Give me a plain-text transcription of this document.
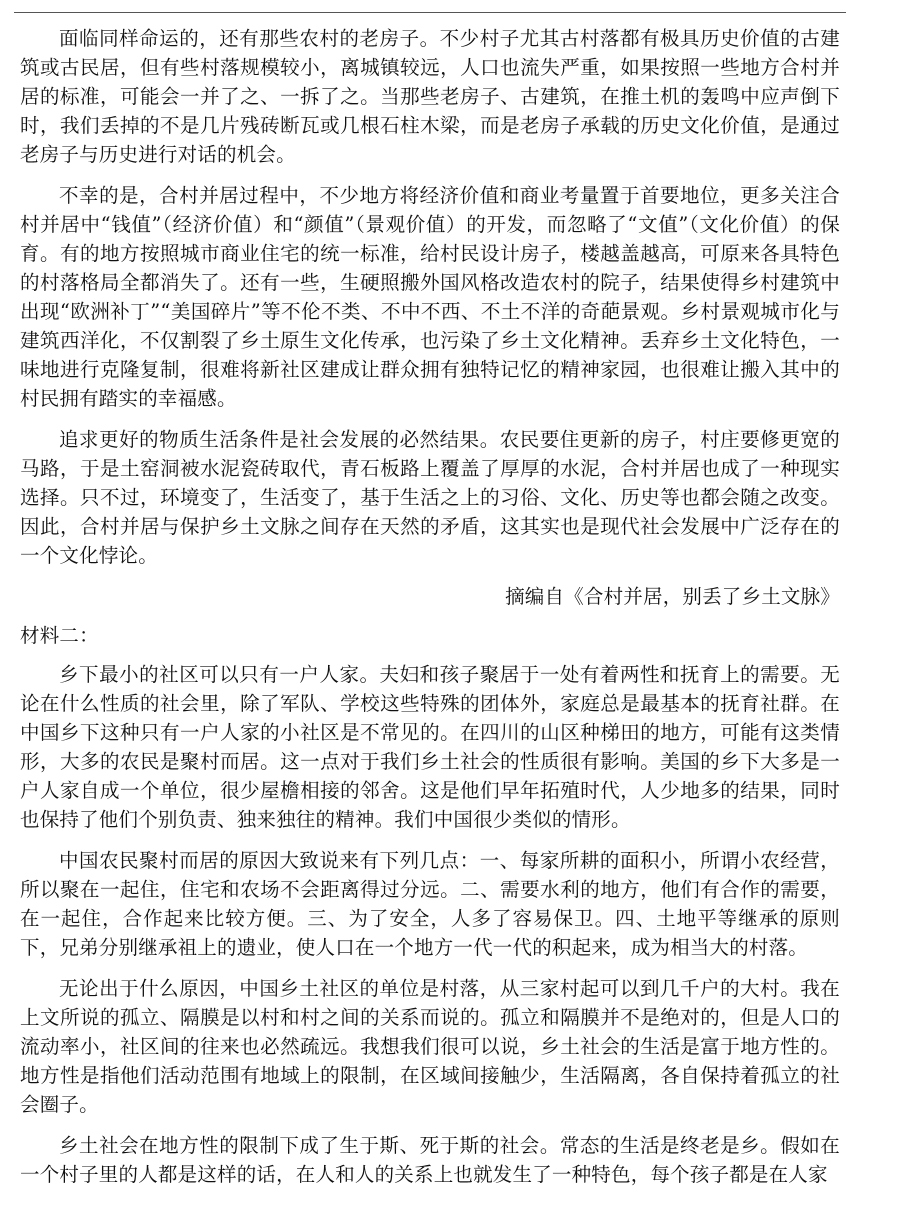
面临同样命运的，还有那些农村的老房子。不少村子尤其古村落都有极具历史价值的古建筑或古民居，但有些村落规模较小，离城镇较远，人口也流失严重，如果按照一些地方合村并居的标准，可能会一并了之、一拆了之。当那些老房子、古建筑，在推土机的轰鸣中应声倒下时，我们丢掉的不是几片残砖断瓦或几根石柱木梁，而是老房子承载的历史文化价值，是通过老房子与历史进行对话的机会。

不幸的是，合村并居过程中，不少地方将经济价值和商业考量置于首要地位，更多关注合村并居中“钱值”（经济价值）和“颜值”（景观价值）的开发，而忽略了“文值”（文化价值）的保育。有的地方按照城市商业住宅的统一标准，给村民设计房子，楼越盖越高，可原来各具特色的村落格局全都消失了。还有一些，生硬照搬外国风格改造农村的院子，结果使得乡村建筑中出现“欧洲补丁”“美国碎片”等不伦不类、不中不西、不土不洋的奇葩景观。乡村景观城市化与建筑西洋化，不仅割裂了乡土原生文化传承，也污染了乡土文化精神。丢弃乡土文化特色，一味地进行克隆复制，很难将新社区建成让群众拥有独特记忆的精神家园，也很难让搬入其中的村民拥有踏实的幸福感。

追求更好的物质生活条件是社会发展的必然结果。农民要住更新的房子，村庄要修更宽的马路，于是土窑洞被水泥瓷砖取代，青石板路上覆盖了厚厚的水泥，合村并居也成了一种现实选择。只不过，环境变了，生活变了，基于生活之上的习俗、文化、历史等也都会随之改变。因此，合村并居与保护乡土文脉之间存在天然的矛盾，这其实也是现代社会发展中广泛存在的一个文化悖论。

摘编自《合村并居，别丢了乡土文脉》

材料二：

乡下最小的社区可以只有一户人家。夫妇和孩子聚居于一处有着两性和抚育上的需要。无论在什么性质的社会里，除了军队、学校这些特殊的团体外，家庭总是最基本的抚育社群。在中国乡下这种只有一户人家的小社区是不常见的。在四川的山区种梯田的地方，可能有这类情形，大多的农民是聚村而居。这一点对于我们乡土社会的性质很有影响。美国的乡下大多是一户人家自成一个单位，很少屋檐相接的邻舍。这是他们早年拓殖时代，人少地多的结果，同时也保持了他们个别负责、独来独往的精神。我们中国很少类似的情形。

中国农民聚村而居的原因大致说来有下列几点：一、每家所耕的面积小，所谓小农经营，所以聚在一起住，住宅和农场不会距离得过分远。二、需要水利的地方，他们有合作的需要，在一起住，合作起来比较方便。三、为了安全，人多了容易保卫。四、土地平等继承的原则下，兄弟分别继承祖上的遗业，使人口在一个地方一代一代的积起来，成为相当大的村落。

无论出于什么原因，中国乡土社区的单位是村落，从三家村起可以到几千户的大村。我在上文所说的孤立、隔膜是以村和村之间的关系而说的。孤立和隔膜并不是绝对的，但是人口的流动率小，社区间的往来也必然疏远。我想我们很可以说，乡土社会的生活是富于地方性的。地方性是指他们活动范围有地域上的限制，在区域间接触少，生活隔离，各自保持着孤立的社会圈子。

乡土社会在地方性的限制下成了生于斯、死于斯的社会。常态的生活是终老是乡。假如在一个村子里的人都是这样的话，在人和人的关系上也就发生了一种特色，每个孩子都是在人家
